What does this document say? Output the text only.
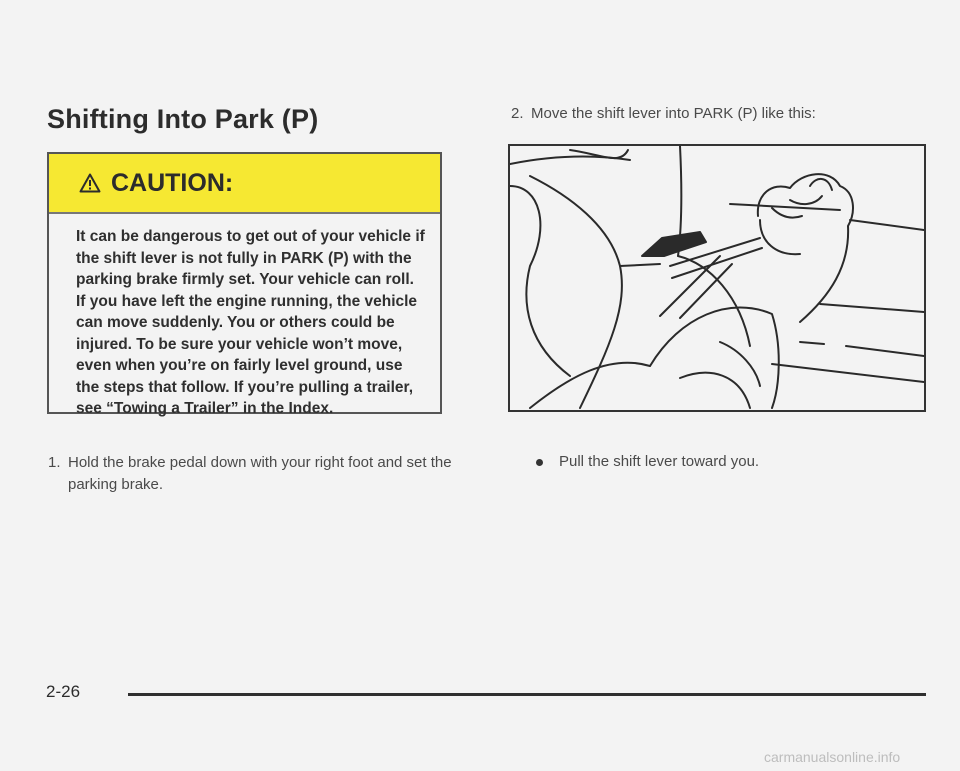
Shifting Into Park (P)
CAUTION:

It can be dangerous to get out of your vehicle if the shift lever is not fully in PARK (P) with the parking brake firmly set. Your vehicle can roll. If you have left the engine running, the vehicle can move suddenly. You or others could be injured. To be sure your vehicle won’t move, even when you’re on fairly level ground, use the steps that follow. If you’re pulling a trailer, see “Towing a Trailer” in the Index.

1. Hold the brake pedal down with your right foot and set the parking brake.
2. Move the shift lever into PARK (P) like this:
Pull the shift lever toward you.
2-26
carmanualsonline.info
